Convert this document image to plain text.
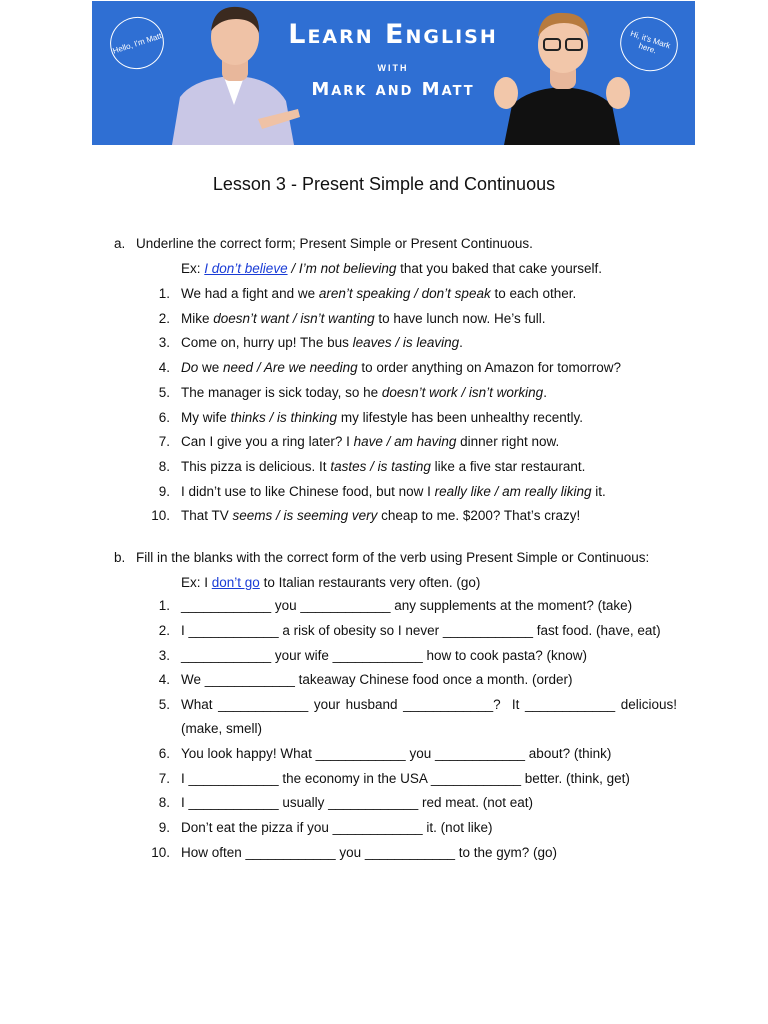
Hello, I'm Matt	Hi, it's Mark here.
Learn English
WITH
Mark and Matt
Lesson 3 - Present Simple and Continuous
a. Underline the correct form; Present Simple or Present Continuous.
Ex: I don’t believe / I’m not believing that you baked that cake yourself.
1. We had a fight and we aren’t speaking / don’t speak to each other.
2. Mike doesn’t want / isn’t wanting to have lunch now. He’s full.
3. Come on, hurry up! The bus leaves / is leaving.
4. Do we need / Are we needing to order anything on Amazon for tomorrow?
5. The manager is sick today, so he doesn’t work / isn’t working.
6. My wife thinks / is thinking my lifestyle has been unhealthy recently.
7. Can I give you a ring later? I have / am having dinner right now.
8. This pizza is delicious. It tastes / is tasting like a five star restaurant.
9. I didn’t use to like Chinese food, but now I really like / am really liking it.
10. That TV seems / is seeming very cheap to me. $200? That’s crazy!
b. Fill in the blanks with the correct form of the verb using Present Simple or Continuous:
Ex: I don’t go to Italian restaurants very often. (go)
1. ____________ you ____________ any supplements at the moment? (take)
2. I ____________ a risk of obesity so I never ____________ fast food. (have, eat)
3. ____________ your wife ____________ how to cook pasta? (know)
4. We ____________ takeaway Chinese food once a month. (order)
5. What ____________ your husband ____________? It ____________ delicious!
(make, smell)
6. You look happy! What ____________ you ____________ about? (think)
7. I ____________ the economy in the USA ____________ better. (think, get)
8. I ____________ usually ____________ red meat. (not eat)
9. Don’t eat the pizza if you ____________ it. (not like)
10. How often ____________ you ____________ to the gym? (go)
